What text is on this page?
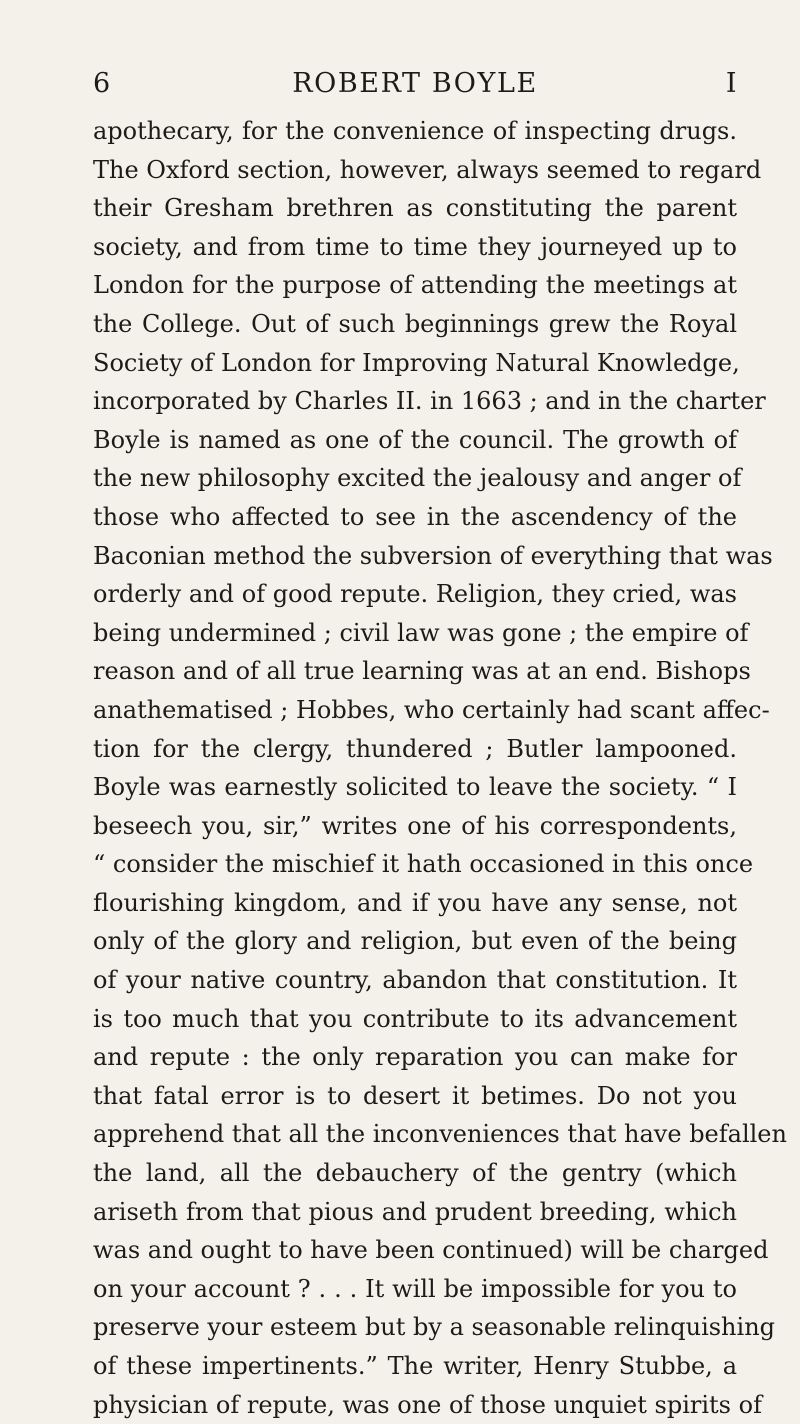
6	ROBERT BOYLE	I
apothecary, for the convenience of inspecting drugs.
The Oxford section, however, always seemed to regard
their Gresham brethren as constituting the parent
society, and from time to time they journeyed up to
London for the purpose of attending the meetings at
the College. Out of such beginnings grew the Royal
Society of London for Improving Natural Knowledge,
incorporated by Charles II. in 1663 ; and in the charter
Boyle is named as one of the council. The growth of
the new philosophy excited the jealousy and anger of
those who affected to see in the ascendency of the
Baconian method the subversion of everything that was
orderly and of good repute. Religion, they cried, was
being undermined ; civil law was gone ; the empire of
reason and of all true learning was at an end. Bishops
anathematised ; Hobbes, who certainly had scant affec-
tion for the clergy, thundered ; Butler lampooned.
Boyle was earnestly solicited to leave the society. “ I
beseech you, sir,” writes one of his correspondents,
“ consider the mischief it hath occasioned in this once
flourishing kingdom, and if you have any sense, not
only of the glory and religion, but even of the being
of your native country, abandon that constitution. It
is too much that you contribute to its advancement
and repute : the only reparation you can make for
that fatal error is to desert it betimes. Do not you
apprehend that all the inconveniences that have befallen
the land, all the debauchery of the gentry (which
ariseth from that pious and prudent breeding, which
was and ought to have been continued) will be charged
on your account ? . . . It will be impossible for you to
preserve your esteem but by a seasonable relinquishing
of these impertinents.” The writer, Henry Stubbe, a
physician of repute, was one of those unquiet spirits of
